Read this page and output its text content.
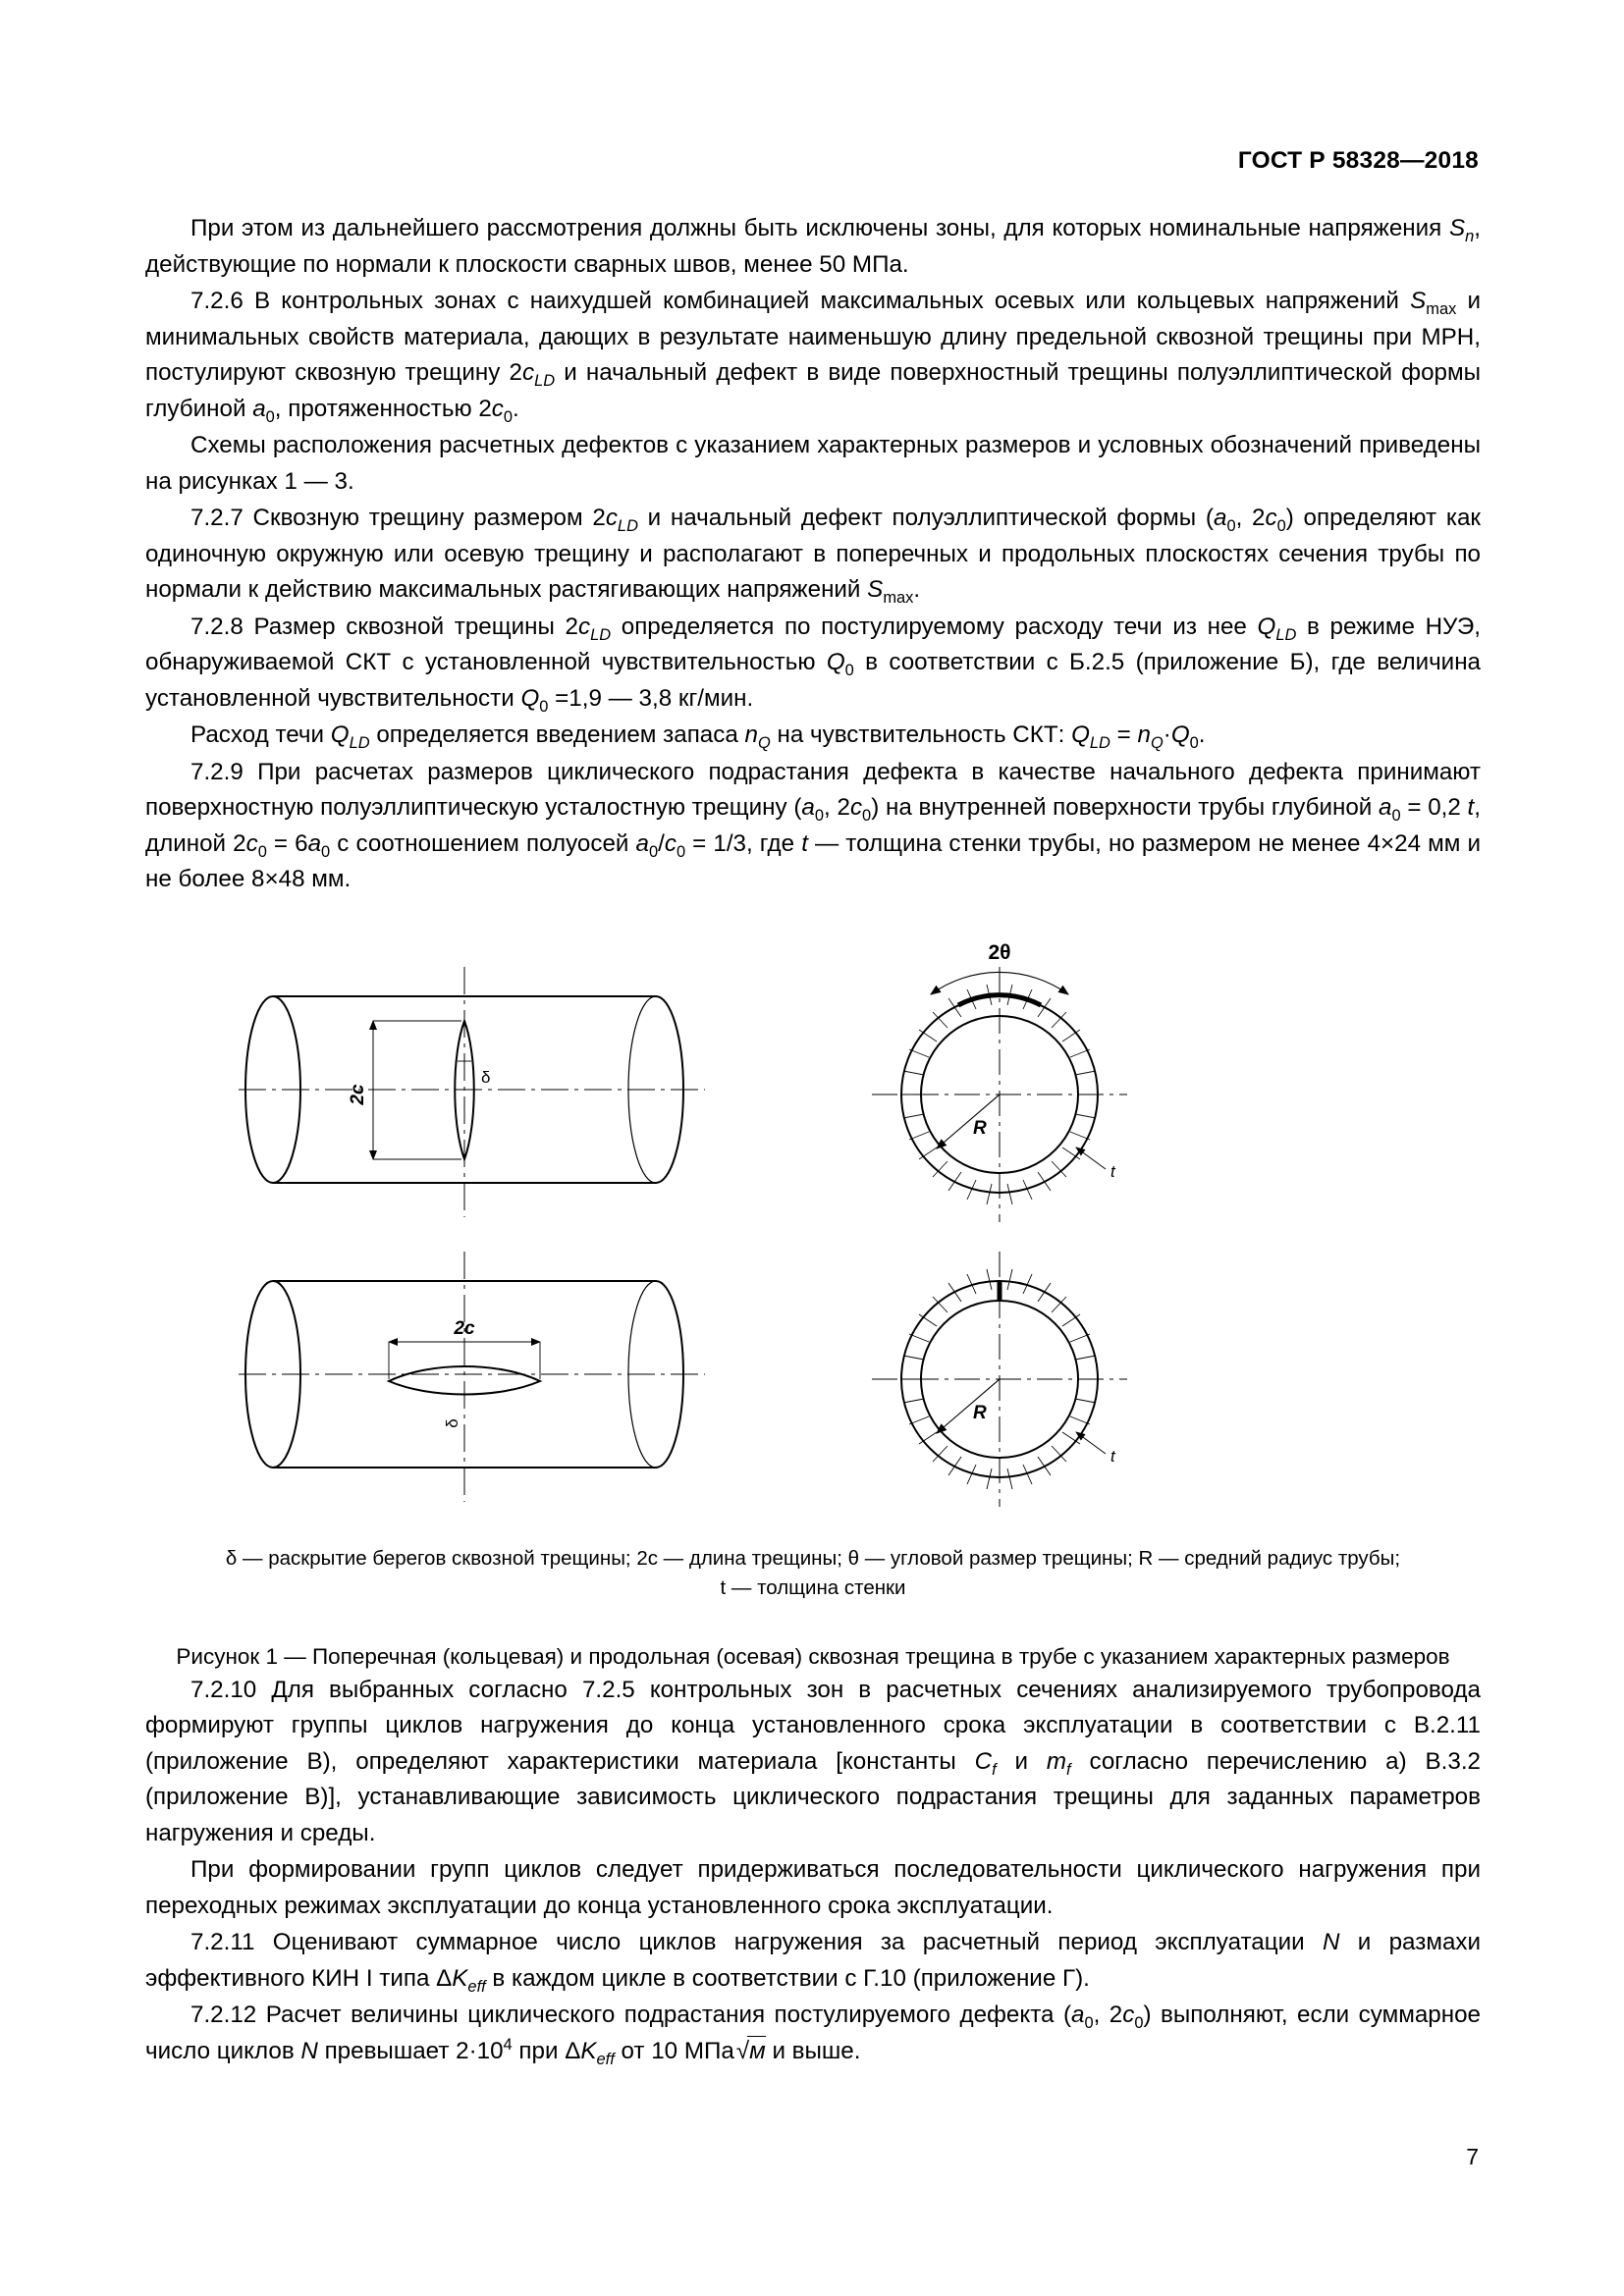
ГОСТ Р 58328—2018

При этом из дальнейшего рассмотрения должны быть исключены зоны, для которых номинальные напряжения $S_n$, действующие по нормали к плоскости сварных швов, менее 50 МПа.

7.2.6 В контрольных зонах с наихудшей комбинацией максимальных осевых или кольцевых напряжений $S_{max}$ и минимальных свойств материала, дающих в результате наименьшую длину предельной сквозной трещины при МРН, постулируют сквозную трещину $2c_{LD}$ и начальный дефект в виде поверхностный трещины полуэллиптической формы глубиной $a_0$, протяженностью $2c_0$.

Схемы расположения расчетных дефектов с указанием характерных размеров и условных обозначений приведены на рисунках 1 — 3.

7.2.7 Сквозную трещину размером $2c_{LD}$ и начальный дефект полуэллиптической формы ($a_0$, $2c_0$) определяют как одиночную окружную или осевую трещину и располагают в поперечных и продольных плоскостях сечения трубы по нормали к действию максимальных растягивающих напряжений $S_{max}$.

7.2.8 Размер сквозной трещины $2c_{LD}$ определяется по постулируемому расходу течи из нее $Q_{LD}$ в режиме НУЭ, обнаруживаемой СКТ с установленной чувствительностью $Q_0$ в соответствии с Б.2.5 (приложение Б), где величина установленной чувствительности $Q_0 =1,9$ — 3,8 кг/мин.

Расход течи $Q_{LD}$ определяется введением запаса $n_Q$ на чувствительность СКТ: $Q_{LD} = n_Q\cdot Q_0$.

7.2.9 При расчетах размеров циклического подрастания дефекта в качестве начального дефекта принимают поверхностную полуэллиптическую усталостную трещину ($a_0$, $2c_0$) на внутренней поверхности трубы глубиной $a_0 = 0,2$ t, длиной $2c_0 = 6a_0$ с соотношением полуосей $a_0/c_0 = 1/3$, где t — толщина стенки трубы, но размером не менее 4×24 мм и не более 8×48 мм.

2c
δ
2θ
R
t
2c
δ	R
t
δ — раскрытие берегов сквозной трещины; 2c — длина трещины; θ — угловой размер трещины; R — средний радиус трубы;
t — толщина стенки
Рисунок 1 — Поперечная (кольцевая) и продольная (осевая) сквозная трещина в трубе с указанием характерных размеров

7.2.10 Для выбранных согласно 7.2.5 контрольных зон в расчетных сечениях анализируемого трубопровода формируют группы циклов нагружения до конца установленного срока эксплуатации в соответствии с В.2.11 (приложение В), определяют характеристики материала [константы $C_f$ и $m_f$ согласно перечислению а) В.3.2 (приложение В)], устанавливающие зависимость циклического подрастания трещины для заданных параметров нагружения и среды.

При формировании групп циклов следует придерживаться последовательности циклического нагружения при переходных режимах эксплуатации до конца установленного срока эксплуатации.

7.2.11 Оценивают суммарное число циклов нагружения за расчетный период эксплуатации N и размахи эффективного КИН I типа $\Delta K_{eff}$ в каждом цикле в соответствии с Г.10 (приложение Г).

7.2.12 Расчет величины циклического подрастания постулируемого дефекта ($a_0$, $2c_0$) выполняют, если суммарное число циклов N превышает $2\cdot 10^4$ при $\Delta K_{eff}$ от 10 МПа√
м и выше.

7
